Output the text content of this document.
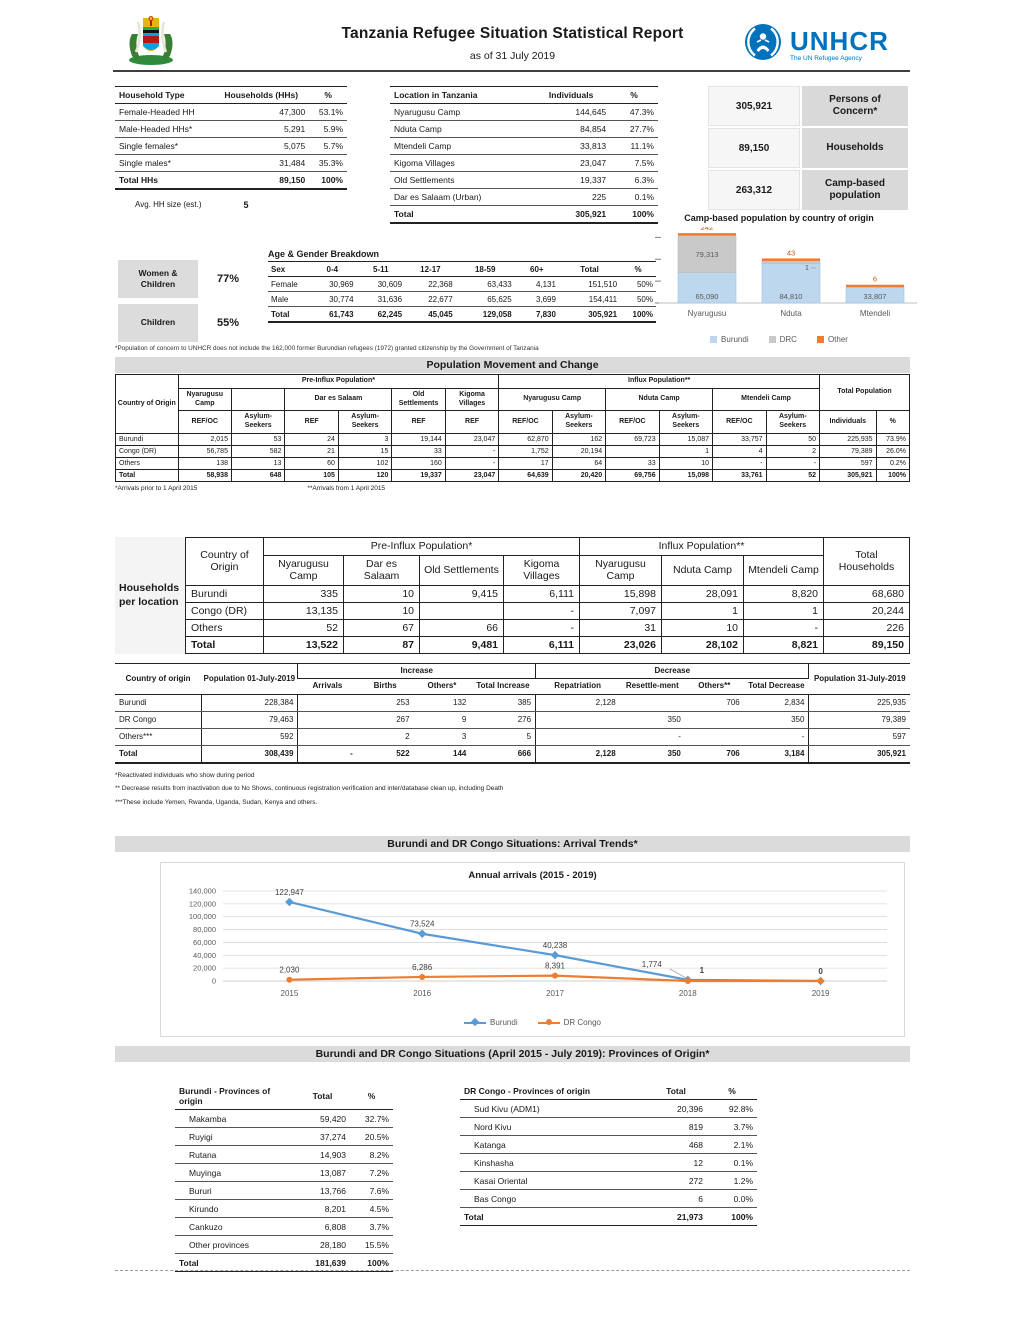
Tanzania Refugee Situation Statistical Report
as of 31 July 2019
UNHCR
The UN Refugee Agency
Household Type	Households (HHs)	%
Female-Headed HH	47,300	53.1%
Male-Headed HHs*	5,291	5.9%
Single females*	5,075	5.7%
Single males*	31,484	35.3%
Total HHs	89,150	100%
Avg. HH size (est.)	5
Location in Tanzania	Individuals	%
Nyarugusu Camp	144,645	47.3%
Nduta Camp	84,854	27.7%
Mtendeli Camp	33,813	11.1%
Kigoma Villages	23,047	7.5%
Old Settlements	19,337	6.3%
Dar es Salaam (Urban)	225	0.1%
Total	305,921	100%
305,921
Persons of Concern*
89,150	Households
263,312
Camp-based population
Camp-based population by country of origin
65,090
79,313
242
Nyarugusu
84,810
1
43
Nduta
33,807
6
Mtendeli
Burundi	DRC	Other
Women & Children	77%
Children	55%
Age & Gender Breakdown
Sex	0-4	5-11	12-17	18-59	60+	Total	%
Female	30,969	30,609	22,368	63,433	4,131	151,510	50%
Male	30,774	31,636	22,677	65,625	3,699	154,411	50%
Total	61,743	62,245	45,045	129,058	7,830	305,921	100%
*Population of concern to UNHCR does not include the 162,000 former Burundian refugees (1972) granted citizenship by the Government of Tanzania
Population Movement and Change
Country of Origin	Pre-Influx Population*						Influx Population**						Total Population	
	Nyarugusu Camp		Dar es Salaam		Old Settlements	Kigoma Villages	Nyarugusu Camp		Nduta Camp		Mtendeli Camp			
	REF/OC	Asylum-Seekers	REF	Asylum-Seekers	REF	REF	REF/OC	Asylum-Seekers	REF/OC	Asylum-Seekers	REF/OC	Asylum-Seekers	Individuals	%
Burundi	2,015	53	24	3	19,144	23,047	62,870	162	69,723	15,087	33,757	50	225,935	73.9%
Congo (DR)	56,785	582	21	15	33	-	1,752	20,194		1	4	2	79,389	26.0%
Others	138	13	60	102	160	-	17	64	33	10	-	-	597	0.2%
Total	58,938	648	105	120	19,337	23,047	64,639	20,420	69,756	15,098	33,761	52	305,921	100%
*Arrivals prior to 1 April 2015	**Arrivals from 1 April 2015
Households per location
Country of Origin	Pre-Influx Population*				Influx Population**			Total Households
	Nyarugusu Camp	Dar es Salaam	Old Settlements	Kigoma Villages	Nyarugusu Camp	Nduta Camp	Mtendeli Camp	
Burundi	335	10	9,415	6,111	15,898	28,091	8,820	68,680
Congo (DR)	13,135	10		-	7,097	1	1	20,244
Others	52	67	66	-	31	10	-	226
Total	13,522	87	9,481	6,111	23,026	28,102	8,821	89,150
Country of origin	Population 01-July-2019	Increase				Decrease				Population 31-July-2019
		Arrivals	Births	Others*	Total Increase	Repatriation	Resettle-ment	Others**	Total Decrease	
Burundi	228,384		253	132	385	2,128		706	2,834	225,935
DR Congo	79,463		267	9	276		350		350	79,389
Others***	592		2	3	5		-		-	597
Total	308,439	-	522	144	666	2,128	350	706	3,184	305,921
*Reactivated individuals who show during period
** Decrease results from inactivation due to No Shows, continuous registration verification and inter/database clean up, including Death
***These include Yemen, Rwanda, Uganda, Sudan, Kenya and others.
Burundi and DR Congo Situations: Arrival Trends*
Annual arrivals (2015 - 2019)
0
20,000
40,000
60,000
80,000
100,000
120,000
140,000
2015	2016	2017	2018	2019
122,947
73,524
40,238
1,774
0
2,030	6,286	8,391	1
Burundi	DR Congo
Burundi and DR Congo Situations (April 2015 - July 2019): Provinces of Origin*
Burundi - Provinces of origin	Total	%
Makamba	59,420	32.7%
Ruyigi	37,274	20.5%
Rutana	14,903	8.2%
Muyinga	13,087	7.2%
Bururi	13,766	7.6%
Kirundo	8,201	4.5%
Cankuzo	6,808	3.7%
Other provinces	28,180	15.5%
Total	181,639	100%
DR Congo - Provinces of origin	Total	%
Sud Kivu (ADM1)	20,396	92.8%
Nord Kivu	819	3.7%
Katanga	468	2.1%
Kinshasha	12	0.1%
Kasai Oriental	272	1.2%
Bas Congo	6	0.0%
Total	21,973	100%
